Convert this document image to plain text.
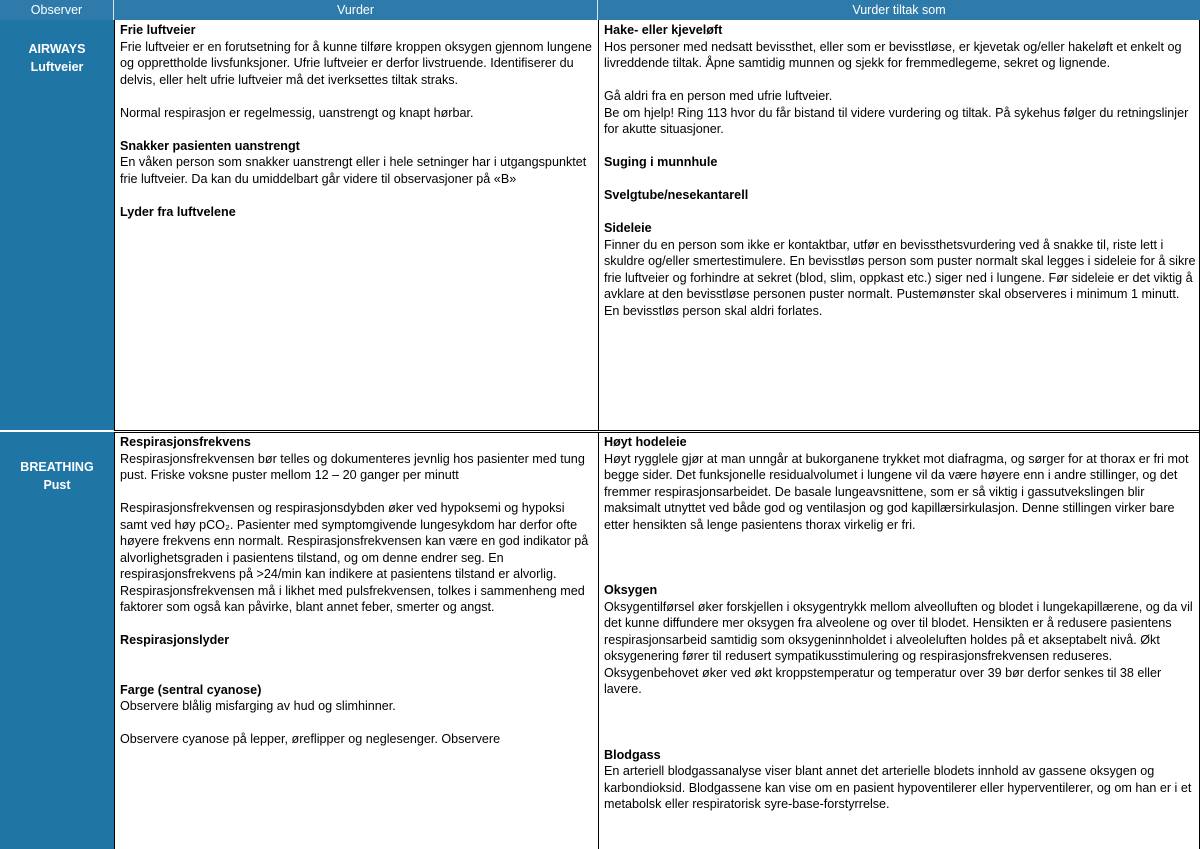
Observer	Vurder	Vurder tiltak som
AIRWAYS
Luftveier
BREATHING
Pust
Frie luftveier
Frie luftveier er en forutsetning for å kunne tilføre kroppen oksygen gjennom lungene og opprettholde livsfunksjoner. Ufrie luftveier er derfor livstruende. Identifiserer du delvis, eller helt ufrie luftveier må det iverksettes tiltak straks.
Normal respirasjon er regelmessig, uanstrengt og knapt hørbar.
Snakker pasienten uanstrengt
En våken person som snakker uanstrengt eller i hele setninger har i utgangspunktet frie luftveier. Da kan du umiddelbart går videre til observasjoner på «B»
Lyder fra luftvelene
Hake- eller kjeveløft
Hos personer med nedsatt bevissthet, eller som er bevisstløse, er kjevetak og/eller hakeløft et enkelt og livreddende tiltak. Åpne samtidig munnen og sjekk for fremmedlegeme, sekret og lignende.
Gå aldri fra en person med ufrie luftveier.
Be om hjelp! Ring 113 hvor du får bistand til videre vurdering og tiltak. På sykehus følger du retningslinjer for akutte situasjoner.
Suging i munnhule
Svelgtube/nesekantarell
Sideleie
Finner du en person som ikke er kontaktbar, utfør en bevissthetsvurdering ved å snakke til, riste lett i skuldre og/eller smertestimulere. En bevisstløs person som puster normalt skal legges i sideleie for å sikre frie luftveier og forhindre at sekret (blod, slim, oppkast etc.) siger ned i lungene. Før sideleie er det viktig å avklare at den bevisstløse personen puster normalt. Pustemønster skal observeres i minimum 1 minutt. En bevisstløs person skal aldri forlates.
Respirasjonsfrekvens
Respirasjonsfrekvensen bør telles og dokumenteres jevnlig hos pasienter med tung pust. Friske voksne puster mellom 12 – 20 ganger per minutt
Respirasjonsfrekvensen og respirasjonsdybden øker ved hypoksemi og hypoksi samt ved høy pCO₂. Pasienter med symptomgivende lungesykdom har derfor ofte høyere frekvens enn normalt. Respirasjonsfrekvensen kan være en god indikator på alvorlighetsgraden i pasientens tilstand, og om denne endrer seg. En respirasjonsfrekvens på >24/min kan indikere at pasientens tilstand er alvorlig. Respirasjonsfrekvensen må i likhet med pulsfrekvensen, tolkes i sammenheng med faktorer som også kan påvirke, blant annet feber, smerter og angst.
Respirasjonslyder
Farge (sentral cyanose)
Observere blålig misfarging av hud og slimhinner.
Observere cyanose på lepper, øreflipper og neglesenger. Observere
Høyt hodeleie
Høyt rygglele gjør at man unngår at bukorganene trykket mot diafragma, og sørger for at thorax er fri mot begge sider. Det funksjonelle residualvolumet i lungene vil da være høyere enn i andre stillinger, og det fremmer respirasjonsarbeidet. De basale lungeavsnittene, som er så viktig i gassutvekslingen blir maksimalt utnyttet ved både god og ventilasjon og god kapillærsirkulasjon. Denne stillingen virker bare etter hensikten så lenge pasientens thorax virkelig er fri.
Oksygen
Oksygentilførsel øker forskjellen i oksygentrykk mellom alveolluften og blodet i lungekapillærene, og da vil det kunne diffundere mer oksygen fra alveolene og over til blodet. Hensikten er å redusere pasientens respirasjonsarbeid samtidig som oksygeninnholdet i alveoleluften holdes på et akseptabelt nivå. Økt oksygenering fører til redusert sympatikusstimulering og respirasjonsfrekvensen reduseres. Oksygenbehovet øker ved økt kroppstemperatur og temperatur over 39 bør derfor senkes til 38 eller lavere.
Blodgass
En arteriell blodgassanalyse viser blant annet det arterielle blodets innhold av gassene oksygen og karbondioksid. Blodgassene kan vise om en pasient hypoventilerer eller hyperventilerer, og om han er i et metabolsk eller respiratorisk syre-base-forstyrrelse.
